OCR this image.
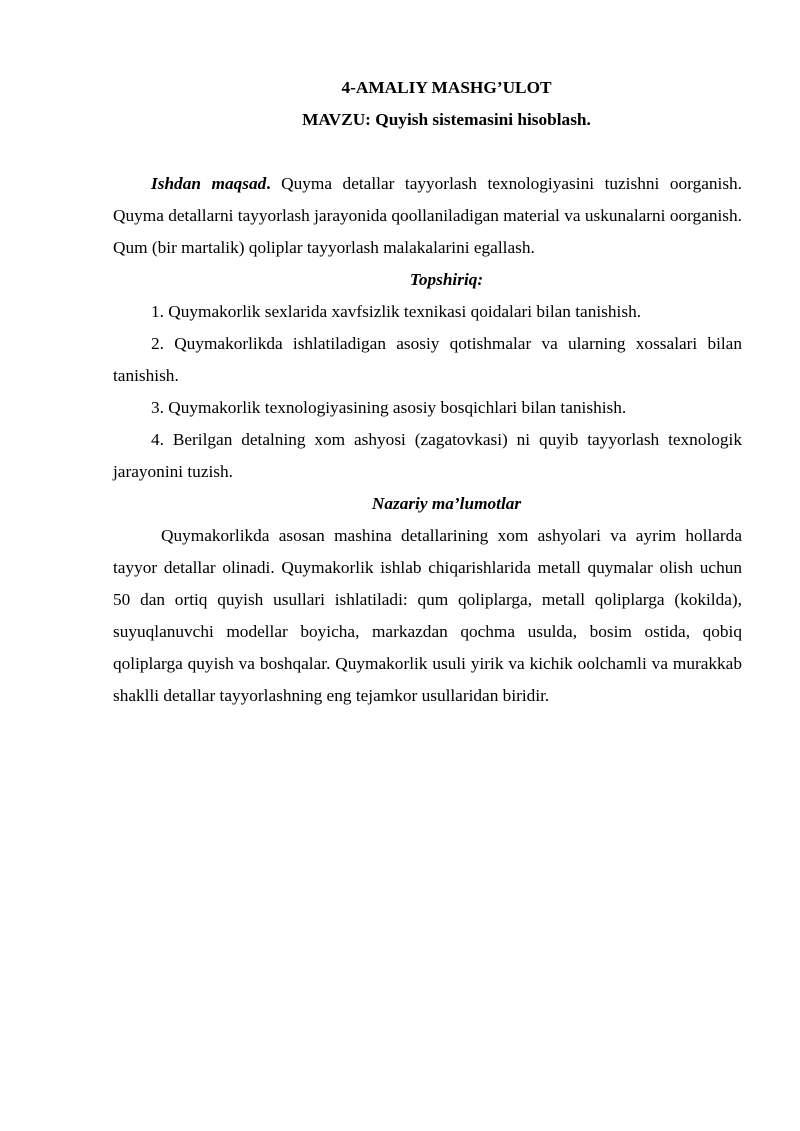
4-AMALIY MASHG’ULOT

MAVZU: Quyish sistemasini hisoblash.

Ishdan maqsad. Quyma detallar tayyorlash texnologiyasini tuzishni oorganish. Quyma detallarni tayyorlash jarayonida qoollaniladigan material va uskunalarni oorganish. Qum (bir martalik) qoliplar tayyorlash malakalarini egallash.

Topshiriq:

1. Quymakorlik sexlarida xavfsizlik texnikasi qoidalari bilan tanishish.

2. Quymakorlikda ishlatiladigan asosiy qotishmalar va ularning xossalari bilan tanishish.

3. Quymakorlik texnologiyasining asosiy bosqichlari bilan tanishish.

4. Berilgan detalning xom ashyosi (zagatovkasi) ni quyib tayyorlash texnologik jarayonini tuzish.

Nazariy ma’lumotlar

Quymakorlikda asosan mashina detallarining xom ashyolari va ayrim hollarda tayyor detallar olinadi. Quymakorlik ishlab chiqarishlarida metall quymalar olish uchun 50 dan ortiq quyish usullari ishlatiladi: qum qoliplarga, metall qoliplarga (kokilda), suyuqlanuvchi modellar boyicha, markazdan qochma usulda, bosim ostida, qobiq qoliplarga quyish va boshqalar. Quymakorlik usuli yirik va kichik oolchamli va murakkab shaklli detallar tayyorlashning eng tejamkor usullaridan biridir.
